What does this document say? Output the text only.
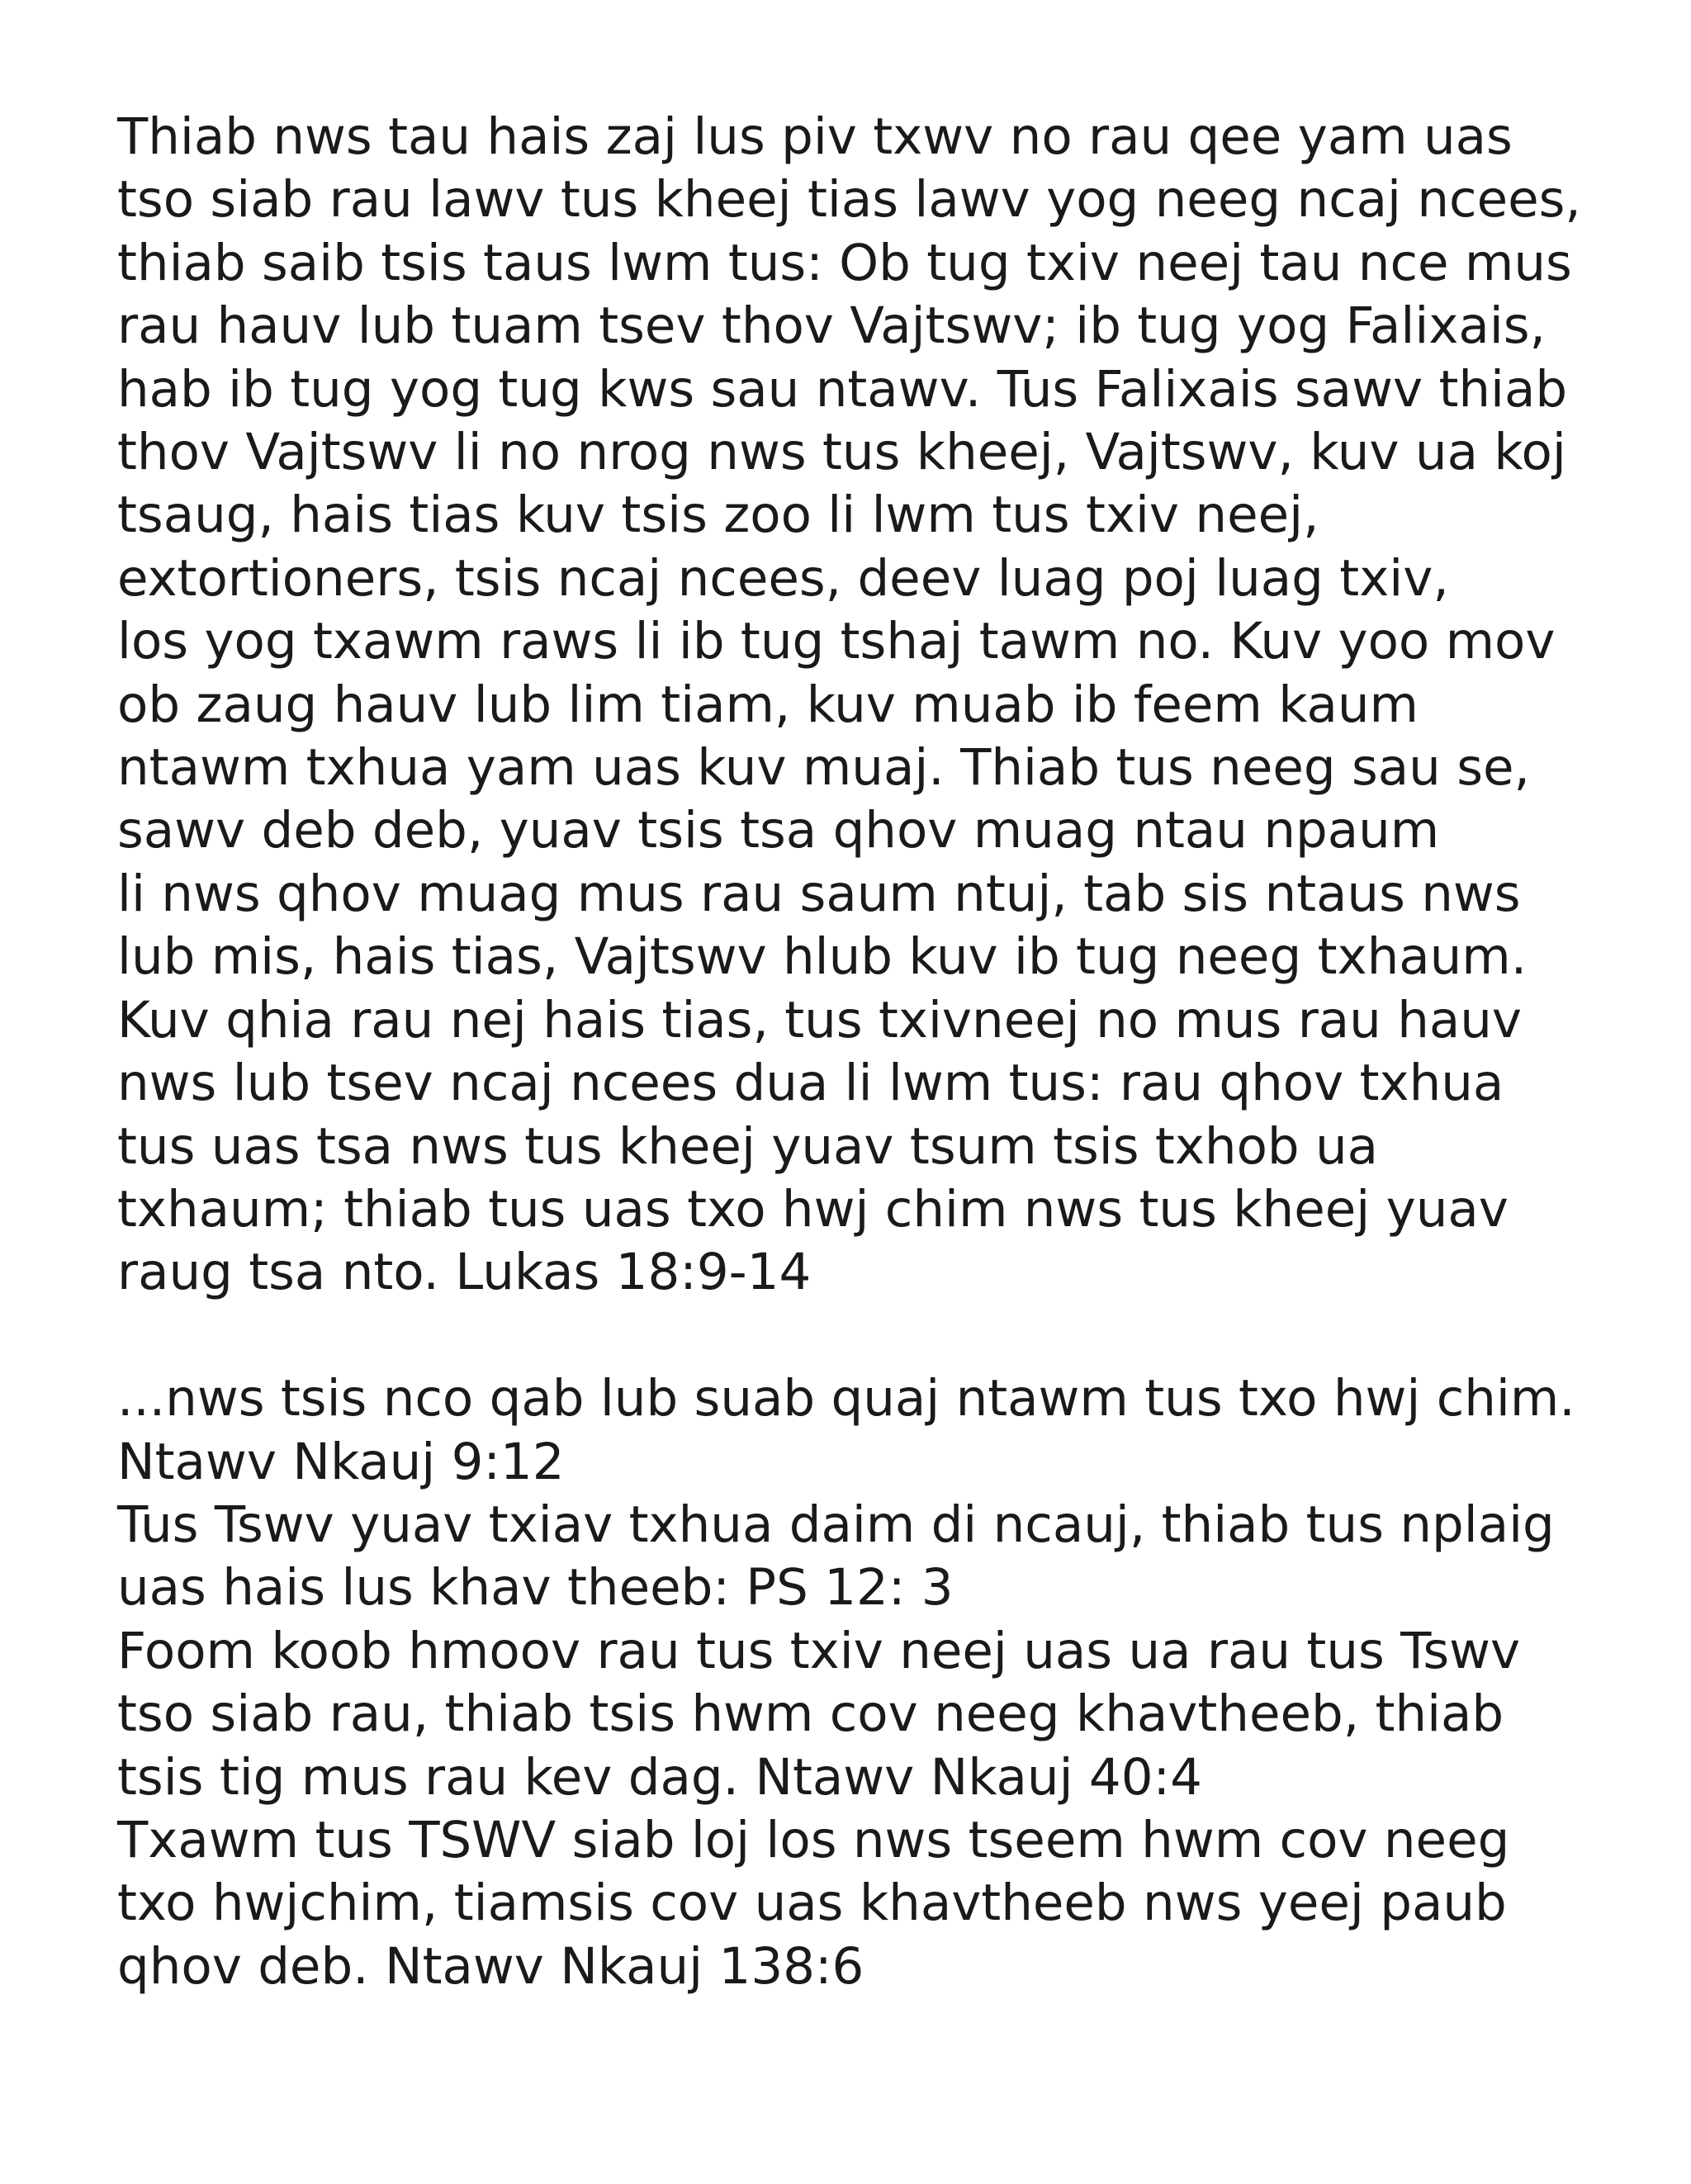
Thiab nws tau hais zaj lus piv txwv no rau qee yam uas
tso siab rau lawv tus kheej tias lawv yog neeg ncaj ncees,
thiab saib tsis taus lwm tus: Ob tug txiv neej tau nce mus
rau hauv lub tuam tsev thov Vajtswv; ib tug yog Falixais,
hab ib tug yog tug kws sau ntawv. Tus Falixais sawv thiab
thov Vajtswv li no nrog nws tus kheej, Vajtswv, kuv ua koj
tsaug, hais tias kuv tsis zoo li lwm tus txiv neej,
extortioners, tsis ncaj ncees, deev luag poj luag txiv,
los yog txawm raws li ib tug tshaj tawm no. Kuv yoo mov
ob zaug hauv lub lim tiam, kuv muab ib feem kaum
ntawm txhua yam uas kuv muaj. Thiab tus neeg sau se,
sawv deb deb, yuav tsis tsa qhov muag ntau npaum
li nws qhov muag mus rau saum ntuj, tab sis ntaus nws
lub mis, hais tias, Vajtswv hlub kuv ib tug neeg txhaum.
Kuv qhia rau nej hais tias, tus txivneej no mus rau hauv
nws lub tsev ncaj ncees dua li lwm tus: rau qhov txhua
tus uas tsa nws tus kheej yuav tsum tsis txhob ua
txhaum; thiab tus uas txo hwj chim nws tus kheej yuav
raug tsa nto. Lukas 18:9-14
...nws tsis nco qab lub suab quaj ntawm tus txo hwj chim.
Ntawv Nkauj 9:12
Tus Tswv yuav txiav txhua daim di ncauj, thiab tus nplaig
uas hais lus khav theeb: PS 12: 3
Foom koob hmoov rau tus txiv neej uas ua rau tus Tswv
tso siab rau, thiab tsis hwm cov neeg khavtheeb, thiab
tsis tig mus rau kev dag. Ntawv Nkauj 40:4
Txawm tus TSWV siab loj los nws tseem hwm cov neeg
txo hwjchim, tiamsis cov uas khavtheeb nws yeej paub
qhov deb. Ntawv Nkauj 138:6
